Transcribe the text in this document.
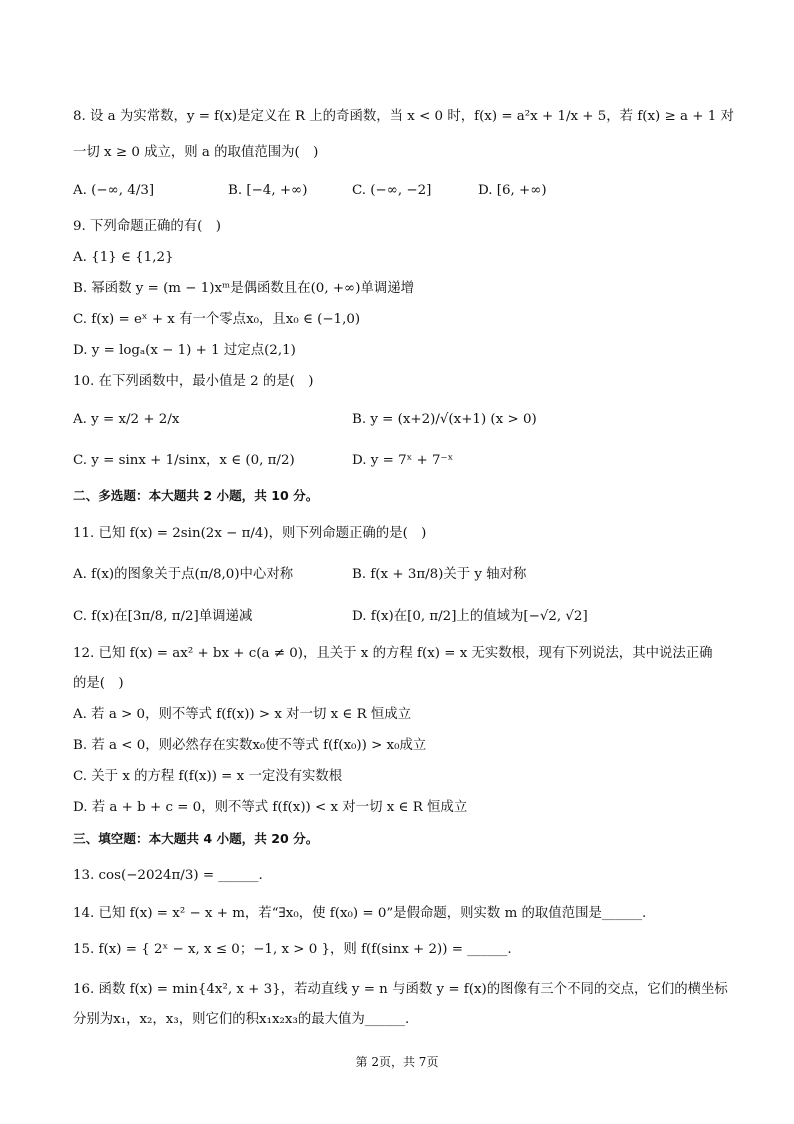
8. 设 a 为实常数，y = f(x)是定义在 R 上的奇函数，当 x < 0 时，f(x) = a²x + 1/x + 5，若 f(x) ≥ a + 1 对
一切 x ≥ 0 成立，则 a 的取值范围为(　)
A. (−∞, 4/3]	B. [−4, +∞)	C. (−∞, −2]	D. [6, +∞)
9. 下列命题正确的有(　)
A. {1} ∈ {1,2}
B. 幂函数 y = (m − 1)xᵐ是偶函数且在(0, +∞)单调递增
C. f(x) = eˣ + x 有一个零点x₀，且x₀ ∈ (−1,0)
D. y = logₐ(x − 1) + 1 过定点(2,1)
10. 在下列函数中，最小值是 2 的是(　)
A. y = x/2 + 2/x	B. y = (x+2)/√(x+1) (x > 0)
C. y = sinx + 1/sinx，x ∈ (0, π/2)	D. y = 7ˣ + 7⁻ˣ
二、多选题：本大题共 2 小题，共 10 分。
11. 已知 f(x) = 2sin(2x − π/4)，则下列命题正确的是(　)
A. f(x)的图象关于点(π/8,0)中心对称	B. f(x + 3π/8)关于 y 轴对称
C. f(x)在[3π/8, π/2]单调递减	D. f(x)在[0, π/2]上的值域为[−√2, √2]
12. 已知 f(x) = ax² + bx + c(a ≠ 0)，且关于 x 的方程 f(x) = x 无实数根，现有下列说法，其中说法正确
的是(　)
A. 若 a > 0，则不等式 f(f(x)) > x 对一切 x ∈ R 恒成立
B. 若 a < 0，则必然存在实数x₀使不等式 f(f(x₀)) > x₀成立
C. 关于 x 的方程 f(f(x)) = x 一定没有实数根
D. 若 a + b + c = 0，则不等式 f(f(x)) < x 对一切 x ∈ R 恒成立
三、填空题：本大题共 4 小题，共 20 分。
13. cos(−2024π/3) = ______.
14. 已知 f(x) = x² − x + m，若“∃x₀，使 f(x₀) = 0”是假命题，则实数 m 的取值范围是______.
15. f(x) = { 2ˣ − x, x ≤ 0；−1, x > 0 }，则 f(f(sinx + 2)) = ______.
16. 函数 f(x) = min{4x², x + 3}，若动直线 y = n 与函数 y = f(x)的图像有三个不同的交点，它们的横坐标
分别为x₁，x₂，x₃，则它们的积x₁x₂x₃的最大值为______.
第 2页，共 7页
